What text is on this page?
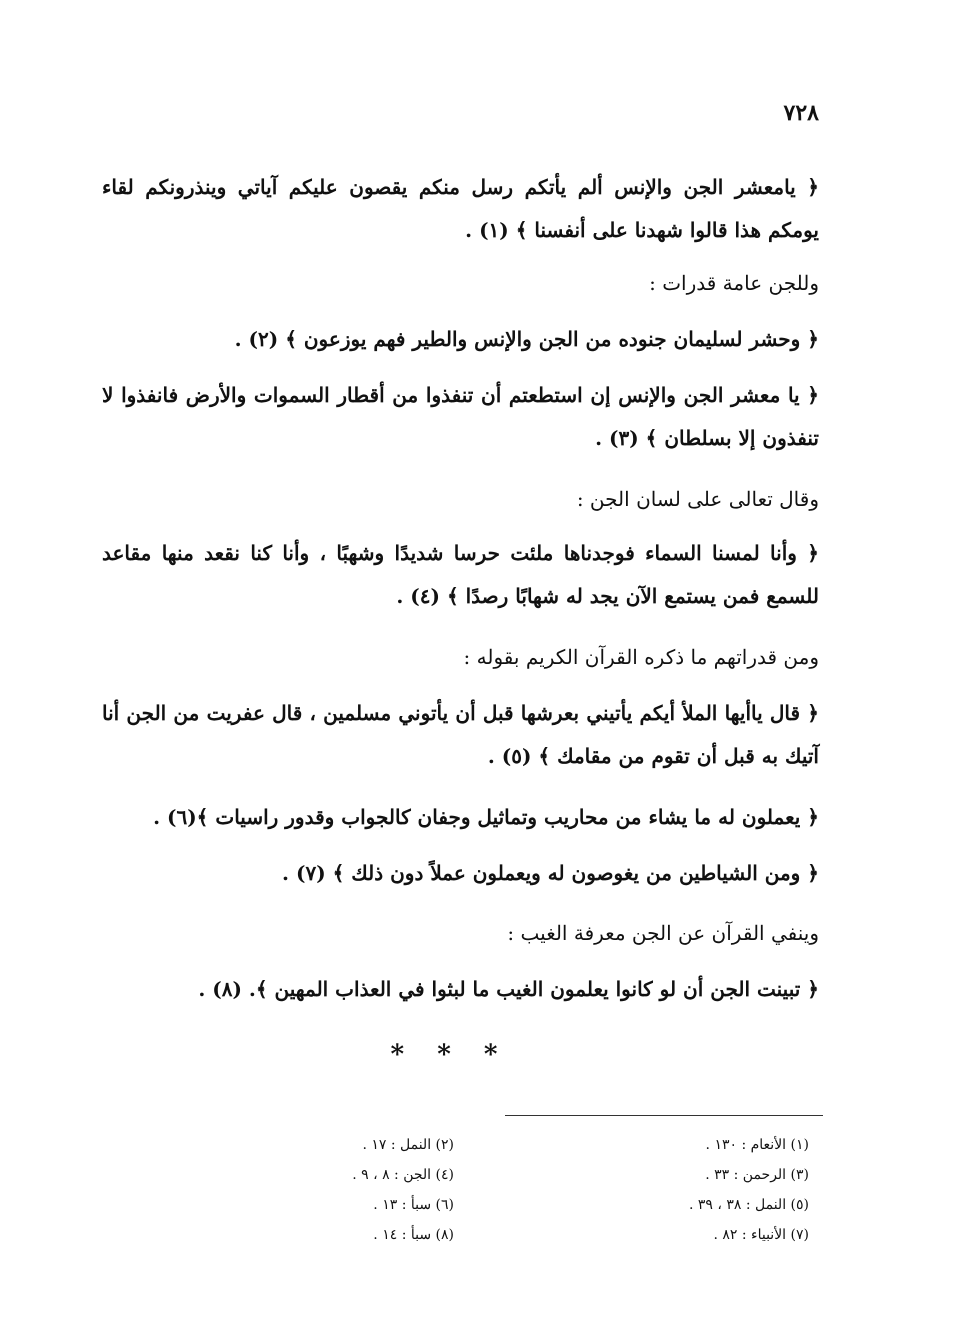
٧٢٨
﴿ يامعشر الجن والإنس ألم يأتكم رسل منكم يقصون عليكم آياتي وينذرونكم لقاء يومكم هذا قالوا شهدنا على أنفسنا ﴾ (١) .
وللجن عامة قدرات :
﴿ وحشر لسليمان جنوده من الجن والإنس والطير فهم يوزعون ﴾ (٢) .
﴿ يا معشر الجن والإنس إن استطعتم أن تنفذوا من أقطار السموات والأرض فانفذوا لا تنفذون إلا بسلطان ﴾ (٣) .
وقال تعالى على لسان الجن :
﴿ وأنا لمسنا السماء فوجدناها ملئت حرسا شديدًا وشهبًا ، وأنا كنا نقعد منها مقاعد للسمع فمن يستمع الآن يجد له شهابًا رصدًا ﴾ (٤) .
ومن قدراتهم ما ذكره القرآن الكريم بقوله :
﴿ قال ياأيها الملأ أيكم يأتيني بعرشها قبل أن يأتوني مسلمين ، قال عفريت من الجن أنا آتيك به قبل أن تقوم من مقامك ﴾ (٥) .
﴿ يعملون له ما يشاء من محاريب وتماثيل وجفان كالجواب وقدور راسيات ﴾(٦) .
﴿ ومن الشياطين من يغوصون له ويعملون عملاً دون ذلك ﴾ (٧) .
وينفي القرآن عن الجن معرفة الغيب :
﴿ تبينت الجن أن لو كانوا يعلمون الغيب ما لبثوا في العذاب المهين ﴾. (٨) .
* * *
(١) الأنعام : ١٣٠ .
(٣) الرحمن : ٣٣ .
(٥) النمل : ٣٨ ، ٣٩ .
(٧) الأنبياء : ٨٢ .
(٢) النمل : ١٧ .
(٤) الجن : ٨ ، ٩ .
(٦) سبأ : ١٣ .
(٨) سبأ : ١٤ .
